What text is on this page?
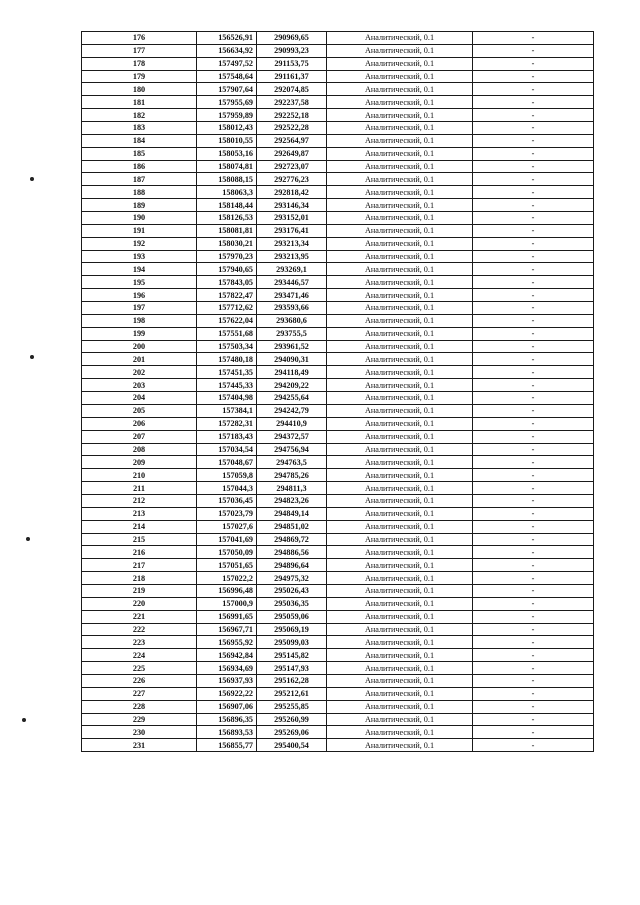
176	156526,91	290969,65	Аналитический, 0.1	-
177	156634,92	290993,23	Аналитический, 0.1	-
178	157497,52	291153,75	Аналитический, 0.1	-
179	157548,64	291161,37	Аналитический, 0.1	-
180	157907,64	292074,85	Аналитический, 0.1	-
181	157955,69	292237,58	Аналитический, 0.1	-
182	157959,89	292252,18	Аналитический, 0.1	-
183	158012,43	292522,28	Аналитический, 0.1	-
184	158010,55	292564,97	Аналитический, 0.1	-
185	158053,16	292649,87	Аналитический, 0.1	-
186	158074,81	292723,07	Аналитический, 0.1	-
187	158088,15	292776,23	Аналитический, 0.1	-
188	158063,3	292818,42	Аналитический, 0.1	-
189	158148,44	293146,34	Аналитический, 0.1	-
190	158126,53	293152,01	Аналитический, 0.1	-
191	158081,81	293176,41	Аналитический, 0.1	-
192	158030,21	293213,34	Аналитический, 0.1	-
193	157970,23	293213,95	Аналитический, 0.1	-
194	157940,65	293269,1	Аналитический, 0.1	-
195	157843,05	293446,57	Аналитический, 0.1	-
196	157822,47	293471,46	Аналитический, 0.1	-
197	157712,62	293593,66	Аналитический, 0.1	-
198	157622,04	293680,6	Аналитический, 0.1	-
199	157551,68	293755,5	Аналитический, 0.1	-
200	157503,34	293961,52	Аналитический, 0.1	-
201	157480,18	294090,31	Аналитический, 0.1	-
202	157451,35	294118,49	Аналитический, 0.1	-
203	157445,33	294209,22	Аналитический, 0.1	-
204	157404,98	294255,64	Аналитический, 0.1	-
205	157384,1	294242,79	Аналитический, 0.1	-
206	157282,31	294410,9	Аналитический, 0.1	-
207	157183,43	294372,57	Аналитический, 0.1	-
208	157034,54	294756,94	Аналитический, 0.1	-
209	157048,67	294763,5	Аналитический, 0.1	-
210	157059,8	294785,26	Аналитический, 0.1	-
211	157044,3	294811,3	Аналитический, 0.1	-
212	157036,45	294823,26	Аналитический, 0.1	-
213	157023,79	294849,14	Аналитический, 0.1	-
214	157027,6	294851,02	Аналитический, 0.1	-
215	157041,69	294869,72	Аналитический, 0.1	-
216	157050,09	294886,56	Аналитический, 0.1	-
217	157051,65	294896,64	Аналитический, 0.1	-
218	157022,2	294975,32	Аналитический, 0.1	-
219	156996,48	295026,43	Аналитический, 0.1	-
220	157000,9	295036,35	Аналитический, 0.1	-
221	156991,65	295059,06	Аналитический, 0.1	-
222	156967,71	295069,19	Аналитический, 0.1	-
223	156955,92	295099,03	Аналитический, 0.1	-
224	156942,84	295145,82	Аналитический, 0.1	-
225	156934,69	295147,93	Аналитический, 0.1	-
226	156937,93	295162,28	Аналитический, 0.1	-
227	156922,22	295212,61	Аналитический, 0.1	-
228	156907,06	295255,85	Аналитический, 0.1	-
229	156896,35	295260,99	Аналитический, 0.1	-
230	156893,53	295269,06	Аналитический, 0.1	-
231	156855,77	295400,54	Аналитический, 0.1	-
